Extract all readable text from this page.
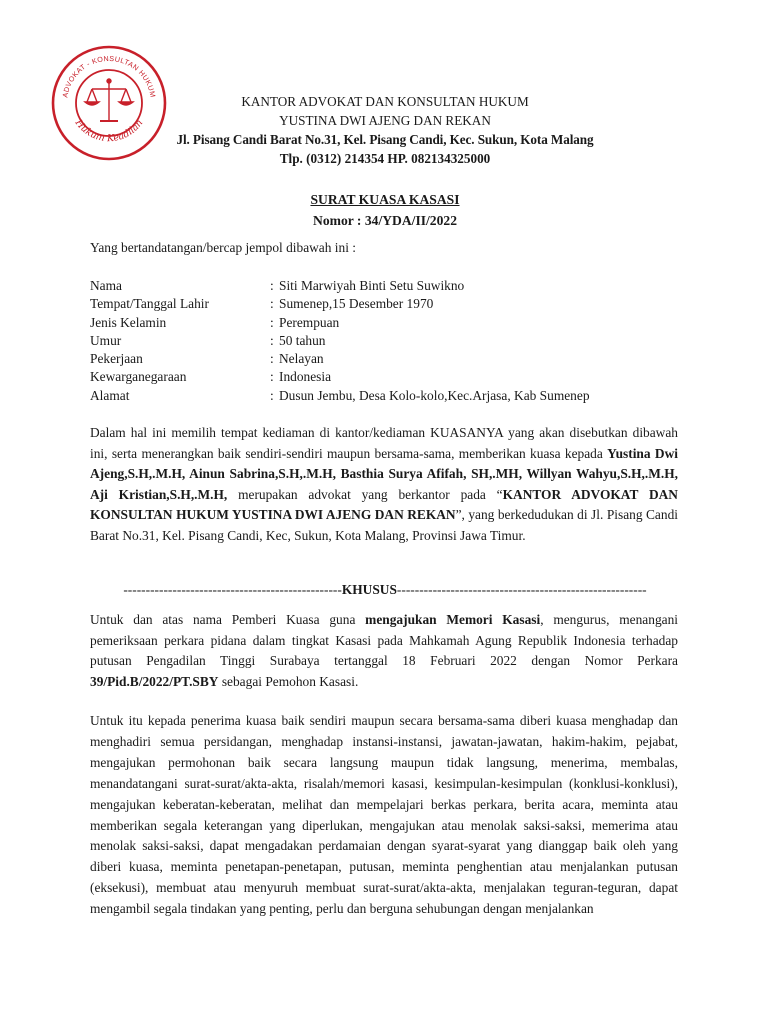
ADVOKAT - KONSULTAN HUKUM
Hukum Keadilan
KANTOR ADVOKAT DAN KONSULTAN HUKUM
YUSTINA DWI AJENG DAN REKAN
Jl. Pisang Candi Barat No.31, Kel. Pisang Candi, Kec. Sukun, Kota Malang
Tlp. (0312) 214354 HP. 082134325000
SURAT KUASA KASASI
Nomor : 34/YDA/II/2022
Yang bertandatangan/bercap jempol dibawah ini :
Nama	: Siti Marwiyah Binti Setu Suwikno
Tempat/Tanggal Lahir	: Sumenep,15 Desember 1970
Jenis Kelamin	: Perempuan
Umur	: 50 tahun
Pekerjaan	: Nelayan
Kewarganegaraan	: Indonesia
Alamat	: Dusun Jembu, Desa Kolo-kolo,Kec.Arjasa, Kab Sumenep
Dalam hal ini memilih tempat kediaman di kantor/kediaman KUASANYA yang akan disebutkan dibawah ini, serta menerangkan baik sendiri-sendiri maupun bersama-sama, memberikan kuasa kepada Yustina Dwi Ajeng,S.H,.M.H, Ainun Sabrina,S.H,.M.H, Basthia Surya Afifah, SH,.MH, Willyan Wahyu,S.H,.M.H, Aji Kristian,S.H,.M.H, merupakan advokat yang berkantor pada “KANTOR ADVOKAT DAN KONSULTAN HUKUM YUSTINA DWI AJENG DAN REKAN”, yang berkedudukan di Jl. Pisang Candi Barat No.31, Kel. Pisang Candi, Kec, Sukun, Kota Malang, Provinsi Jawa Timur.
-------------------------------------------------KHUSUS--------------------------------------------------------
Untuk dan atas nama Pemberi Kuasa guna mengajukan Memori Kasasi, mengurus, menangani pemeriksaan perkara pidana dalam tingkat Kasasi pada Mahkamah Agung Republik Indonesia terhadap putusan Pengadilan Tinggi Surabaya tertanggal 18 Februari 2022 dengan Nomor Perkara 39/Pid.B/2022/PT.SBY sebagai Pemohon Kasasi.
Untuk itu kepada penerima kuasa baik sendiri maupun secara bersama-sama diberi kuasa menghadap dan menghadiri semua persidangan, menghadap instansi-instansi, jawatan-jawatan, hakim-hakim, pejabat, mengajukan permohonan baik secara langsung maupun tidak langsung, menerima, membalas, menandatangani surat-surat/akta-akta, risalah/memori kasasi, kesimpulan-kesimpulan (konklusi-konklusi), mengajukan keberatan-keberatan, melihat dan mempelajari berkas perkara, berita acara, meminta atau memberikan segala keterangan yang diperlukan, mengajukan atau menolak saksi-saksi, memerima atau menolak saksi-saksi, dapat mengadakan perdamaian dengan syarat-syarat yang dianggap baik oleh yang diberi kuasa, meminta penetapan-penetapan, putusan, meminta penghentian atau menjalankan putusan (eksekusi), membuat atau menyuruh membuat surat-surat/akta-akta, menjalakan teguran-teguran, dapat mengambil segala tindakan yang penting, perlu dan berguna sehubungan dengan menjalankan
